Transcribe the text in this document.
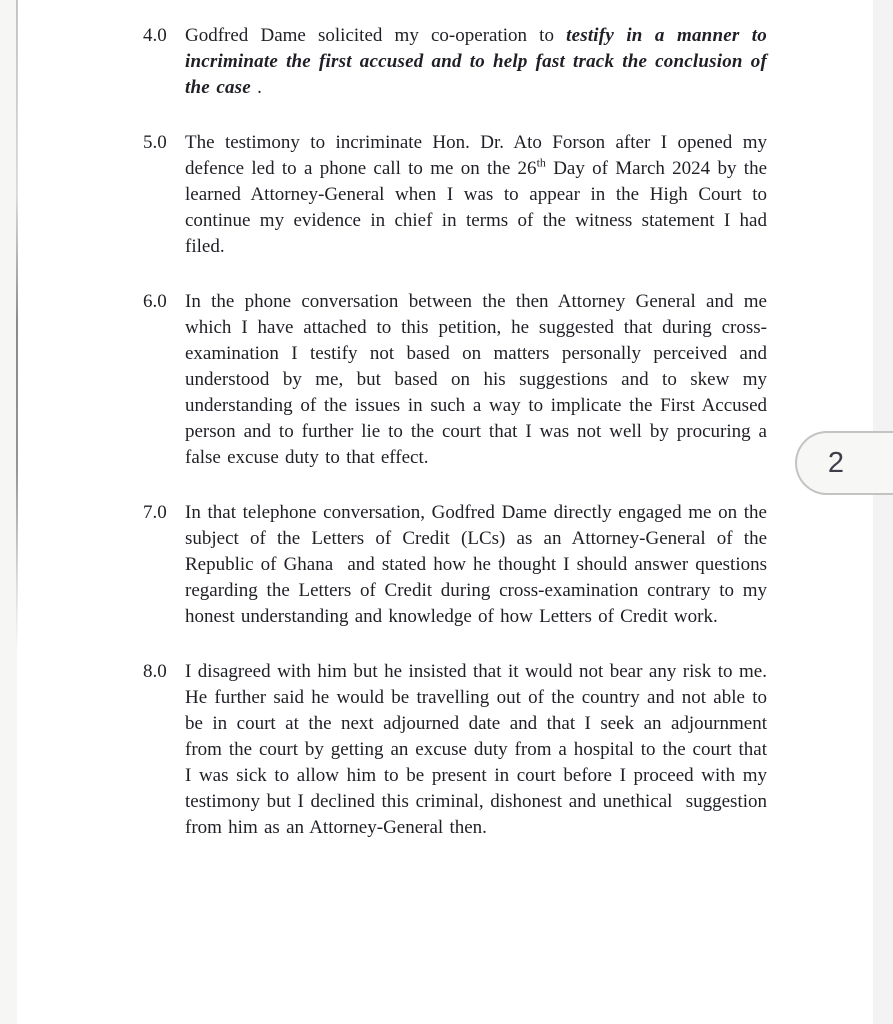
4.0 Godfred Dame solicited my co-operation to testify in a manner to incriminate the first accused and to help fast track the conclusion of the case .
5.0 The testimony to incriminate Hon. Dr. Ato Forson after I opened my defence led to a phone call to me on the 26th Day of March 2024 by the learned Attorney-General when I was to appear in the High Court to continue my evidence in chief in terms of the witness statement I had filed.
6.0 In the phone conversation between the then Attorney General and me which I have attached to this petition, he suggested that during cross-examination I testify not based on matters personally perceived and understood by me, but based on his suggestions and to skew my understanding of the issues in such a way to implicate the First Accused person and to further lie to the court that I was not well by procuring a false excuse duty to that effect.
7.0 In that telephone conversation, Godfred Dame directly engaged me on the subject of the Letters of Credit (LCs) as an Attorney-General of the Republic of Ghana  and stated how he thought I should answer questions regarding the Letters of Credit during cross-examination contrary to my honest understanding and knowledge of how Letters of Credit work.
8.0 I disagreed with him but he insisted that it would not bear any risk to me. He further said he would be travelling out of the country and not able to be in court at the next adjourned date and that I seek an adjournment from the court by getting an excuse duty from a hospital to the court that I was sick to allow him to be present in court before I proceed with my testimony but I declined this criminal, dishonest and unethical  suggestion from him as an Attorney-General then.
2
